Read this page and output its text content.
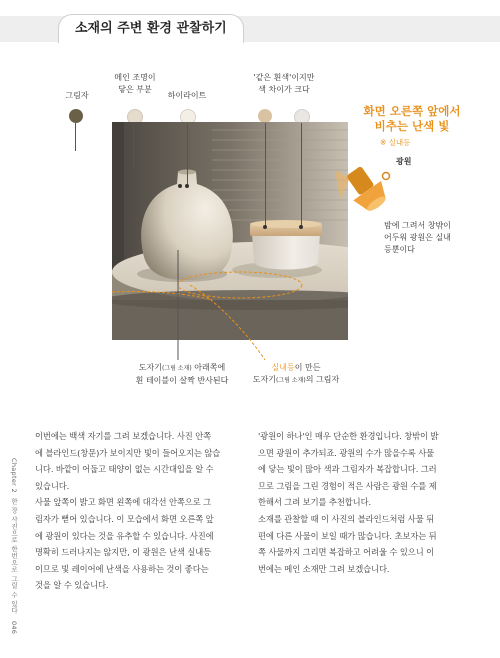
소재의 주변 환경 관찰하기
그림자
메인 조명이
닿은 부분
하이라이트
'같은 흰색'이지만
색 차이가 크다
화면 오른쪽 앞에서
비추는 난색 빛
※ 실내등
광원
밤에 그려서 창밖이
어두워 광원은 실내
등뿐이다
도자기(그림 소재) 아래쪽에
흰 테이블이 살짝 반사된다
실내등이 만든
도자기(그림 소재)의 그림자
Chapter 2  한 장 사진으로 한번으로 그릴 수 있다   046
이번에는 백색 자기를 그려 보겠습니다. 사진 안쪽
에 블라인드(창문)가 보이지만 빛이 들어오지는 않습
니다. 바깥이 어둡고 태양이 없는 시간대입을 알 수
있습니다.
사물 앞쪽이 밝고 화면 왼쪽에 대각선 안쪽으로 그
림자가 뻗어 있습니다. 이 모습에서 화면 오른쪽 앞
에 광원이 있다는 것을 유추할 수 있습니다. 사진에
명확히 드러나지는 않지만, 이 광원은 난색 실내등
이므로 빛 레이어에 난색을 사용하는 것이 좋다는
것을 알 수 있습니다.
'광원이 하나'인 매우 단순한 환경입니다. 창밖이 밝
으면 광원이 추가되죠. 광원의 수가 많을수록 사물
에 닿는 빛이 많아 색과 그림자가 복잡합니다. 그러
므로 그림을 그린 경험이 적은 사람은 광원 수를 제
한해서 그려 보기를 추천합니다.
소재를 관찰할 때 이 사진의 블라인드처럼 사물 뒤
편에 다른 사물이 보일 때가 많습니다. 초보자는 뒤
쪽 사물까지 그리면 복잡하고 어려울 수 있으니 이
번에는 메인 소재만 그려 보겠습니다.
